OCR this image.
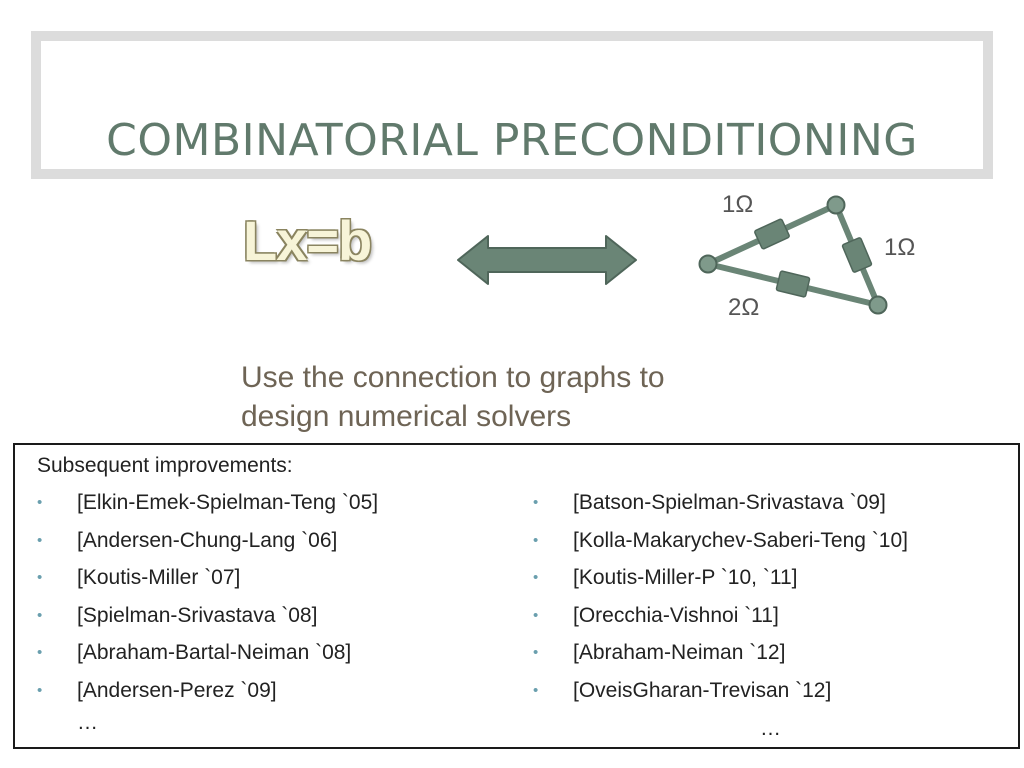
COMBINATORIAL PRECONDITIONING
Lx=b
1Ω
1Ω
2Ω
Use the connection to graphs to
design numerical solvers
Subsequent improvements:
•	[Elkin-Emek-Spielman-Teng `05]
•	[Andersen-Chung-Lang `06]
•	[Koutis-Miller `07]
•	[Spielman-Srivastava `08]
•	[Abraham-Bartal-Neiman `08]
•	[Andersen-Perez `09]
•	[Batson-Spielman-Srivastava `09]
•	[Kolla-Makarychev-Saberi-Teng `10]
•	[Koutis-Miller-P `10, `11]
•	[Orecchia-Vishnoi `11]
•	[Abraham-Neiman `12]
•	[OveisGharan-Trevisan `12]
…	…
